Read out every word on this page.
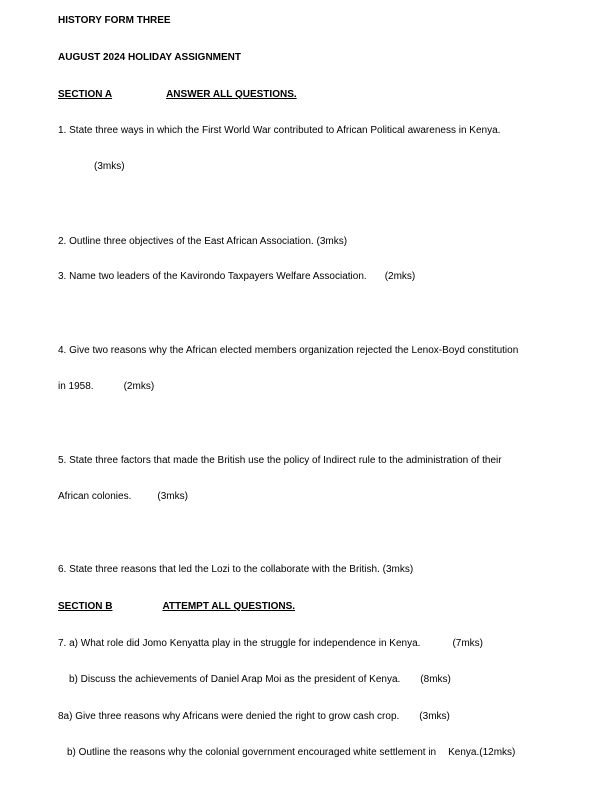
HISTORY FORM THREE
AUGUST 2024 HOLIDAY ASSIGNMENT
SECTION A	ANSWER ALL QUESTIONS.
1. State three ways in which the First World War contributed to African Political awareness in Kenya.
(3mks)
2. Outline three objectives of the East African Association. (3mks)
3. Name two leaders of the Kavirondo Taxpayers Welfare Association. (2mks)
4. Give two reasons why the African elected members organization rejected the Lenox-Boyd constitution
in 1958.	(2mks)
5. State three factors that made the British use the policy of Indirect rule to the administration of their
African colonies.	(3mks)
6. State three reasons that led the Lozi to the collaborate with the British. (3mks)
SECTION B	ATTEMPT ALL QUESTIONS.
7. a) What role did Jomo Kenyatta play in the struggle for independence in Kenya.	(7mks)
b) Discuss the achievements of Daniel Arap Moi as the president of Kenya. (8mks)
8a) Give three reasons why Africans were denied the right to grow cash crop. (3mks)
b) Outline the reasons why the colonial government encouraged white settlement in Kenya.(12mks)
